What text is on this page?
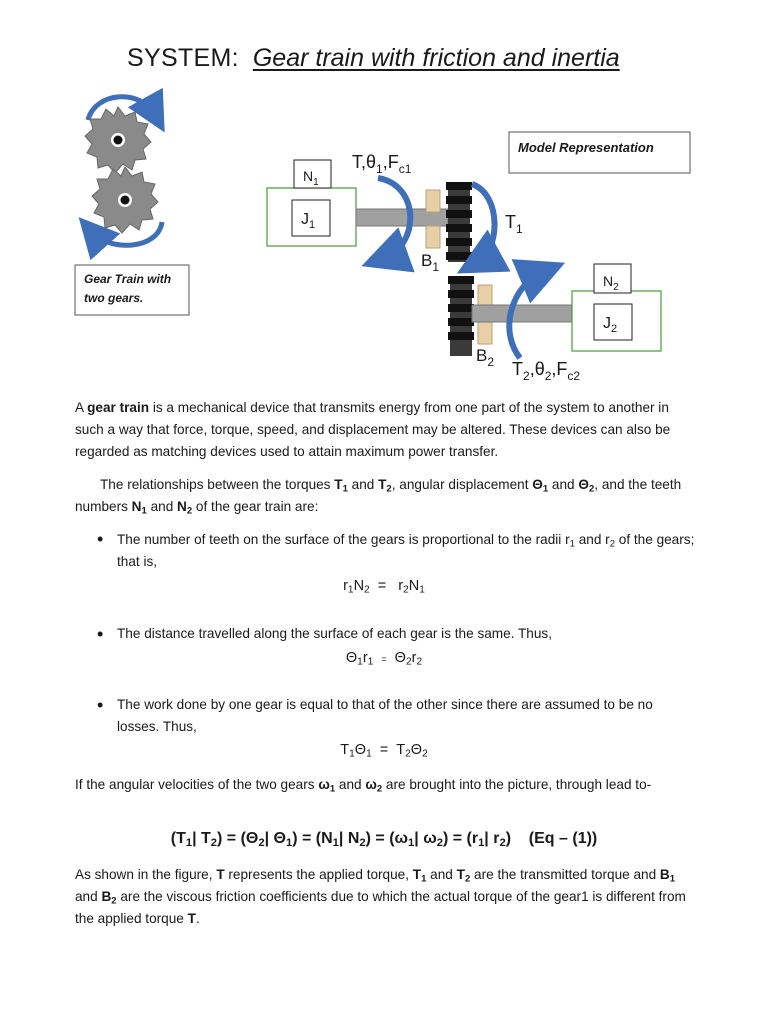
SYSTEM: Gear train with friction and inertia
Gear Train with
two gears.
Model Representation
$N_1$
$J_1$
$T,\theta_1,F_{c1}$
$T_1$
$B_1$
$N_2$
$J_2$
$B_2$ $T_2,\theta_2,F_{c2}$
A gear train is a mechanical device that transmits energy from one part of the system to another in such a way that force, torque, speed, and displacement may be altered. These devices can also be regarded as matching devices used to attain maximum power transfer.
The relationships between the torques $T_1$ and $T_2$, angular displacement $\Theta_1$ and $\Theta_2$, and the teeth numbers $N_1$ and $N_2$ of the gear train are:
• The number of teeth on the surface of the gears is proportional to the radii $r_1$ and $r_2$ of the gears; that is,
$r_1N_2 = r_2N_1$
• The distance travelled along the surface of each gear is the same. Thus,
$\Theta_1r_1 = \Theta_2r_2$
• The work done by one gear is equal to that of the other since there are assumed to be no losses. Thus,
$T_1\Theta_1 = T_2\Theta_2$
If the angular velocities of the two gears $\omega_1$ and $\omega_2$ are brought into the picture, through lead to-
($T_1|$ $T_2) = (\Theta_2|$ $\Theta_1) = (N_1|$ $N_2) = (\omega_1|$ $\omega_2) = (r_1|$ $r_2$)    (Eq – (1))
As shown in the figure, T represents the applied torque, $T_1$ and $T_2$ are the transmitted torque and $B_1$ and $B_2$ are the viscous friction coefficients due to which the actual torque of the gear1 is different from the applied torque T.
